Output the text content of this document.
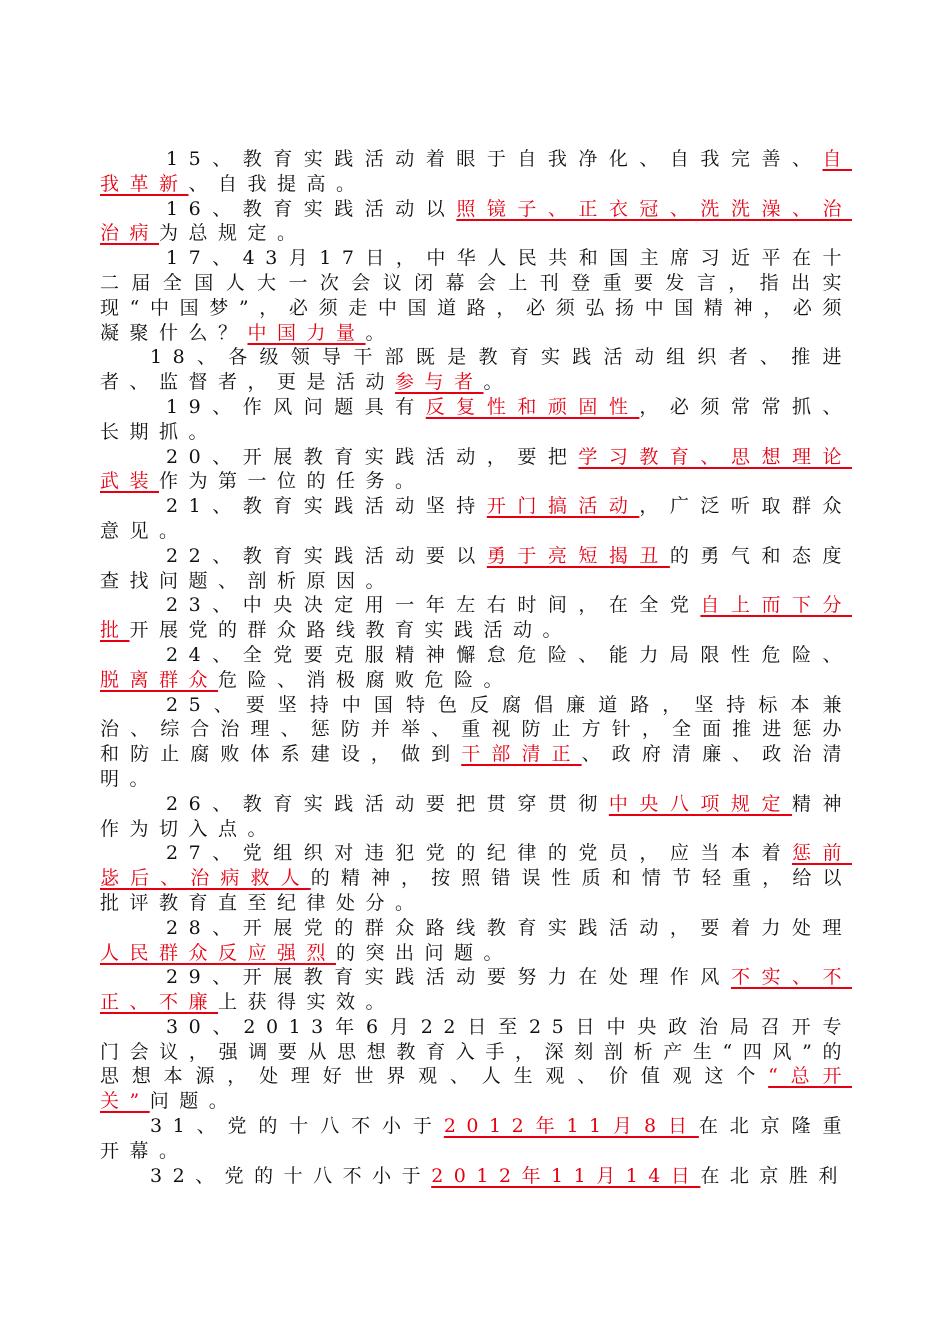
15、教育实践活动着眼于自我净化、自我完善、自我革新、自我提高。

16、教育实践活动以照镜子、正衣冠、洗洗澡、治治病为总规定。

17、43月17日，中华人民共和国主席习近平在十二届全国人大一次会议闭幕会上刊登重要发言，指出实现“中国梦”，必须走中国道路，必须弘扬中国精神，必须凝聚什么？中国力量。

18、各级领导干部既是教育实践活动组织者、推进者、监督者，更是活动参与者。

19、作风问题具有反复性和顽固性，必须常常抓、长期抓。

20、开展教育实践活动，要把学习教育、思想理论武装作为第一位的任务。

21、教育实践活动坚持开门搞活动，广泛听取群众意见。

22、教育实践活动要以勇于亮短揭丑的勇气和态度查找问题、剖析原因。

23、中央决定用一年左右时间，在全党自上而下分批开展党的群众路线教育实践活动。

24、全党要克服精神懈怠危险、能力局限性危险、脱离群众危险、消极腐败危险。

25、要坚持中国特色反腐倡廉道路，坚持标本兼治、综合治理、惩防并举、重视防止方针，全面推进惩办和防止腐败体系建设，做到干部清正、政府清廉、政治清明。

26、教育实践活动要把贯穿贯彻中央八项规定精神作为切入点。

27、党组织对违犯党的纪律的党员，应当本着惩前毖后、治病救人的精神，按照错误性质和情节轻重，给以批评教育直至纪律处分。

28、开展党的群众路线教育实践活动，要着力处理人民群众反应强烈的突出问题。

29、开展教育实践活动要努力在处理作风不实、不正、不廉上获得实效。

30、2013年6月22日至25日中央政治局召开专门会议，强调要从思想教育入手，深刻剖析产生“四风”的思想本源，处理好世界观、人生观、价值观这个“总开关”问题。

31、党的十八不小于2012年11月8日在北京隆重开幕。

32、党的十八不小于2012年11月14日在北京胜利
